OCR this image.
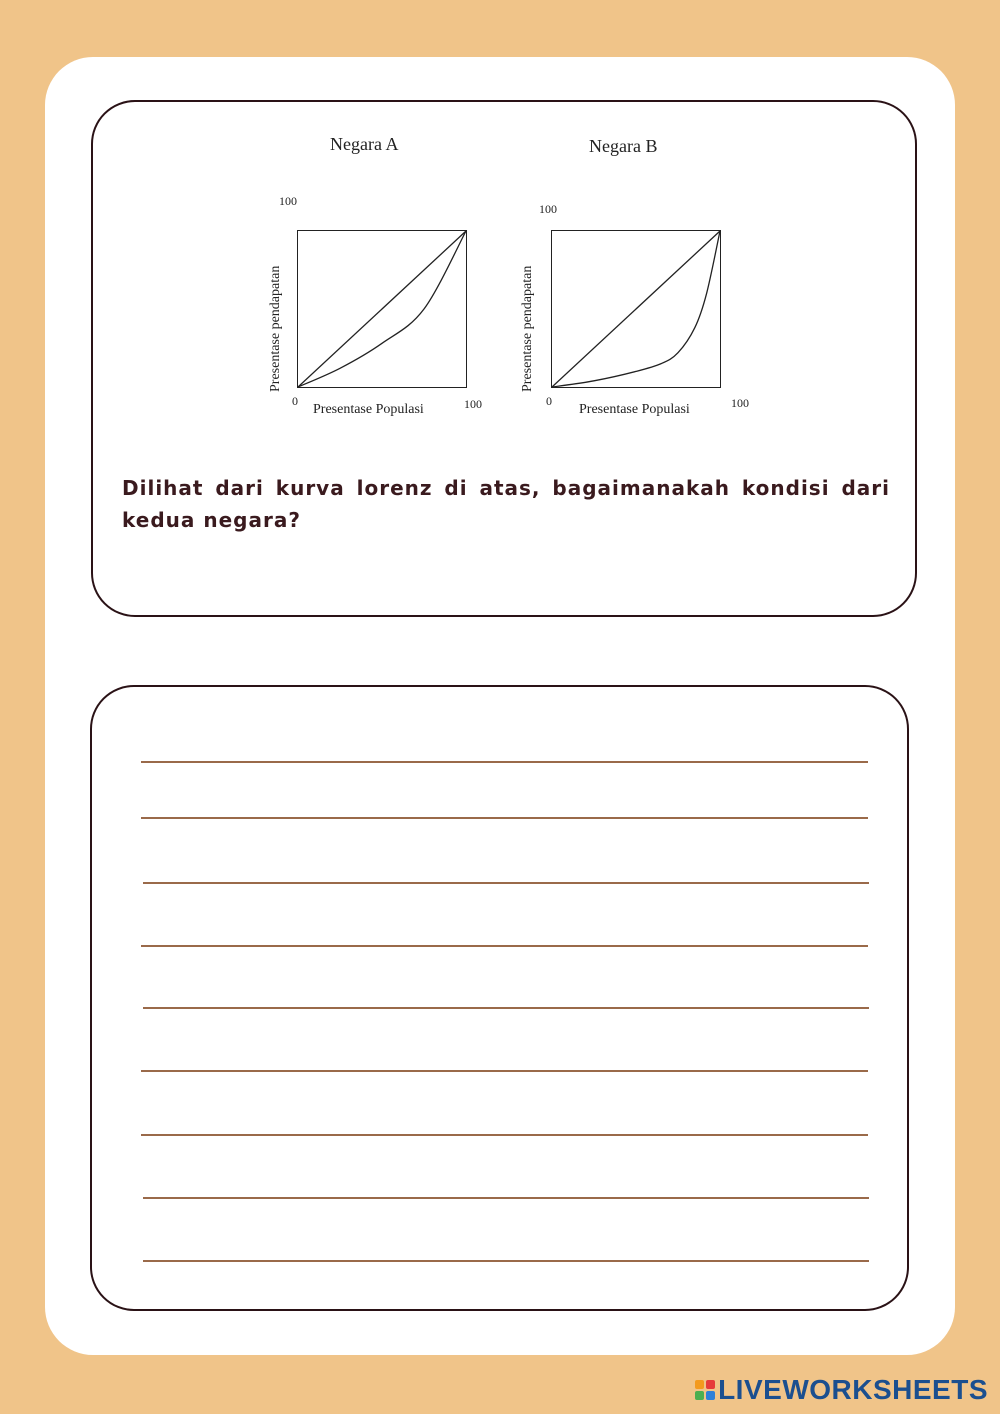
Negara A
100
Presentase pendapatan
0
Presentase Populasi	100
Negara B
100
Presentase pendapatan
0
Presentase Populasi	100
Dilihat dari kurva lorenz di atas, bagaimanakah kondisi dari kedua negara?
LIVEWORKSHEETS
